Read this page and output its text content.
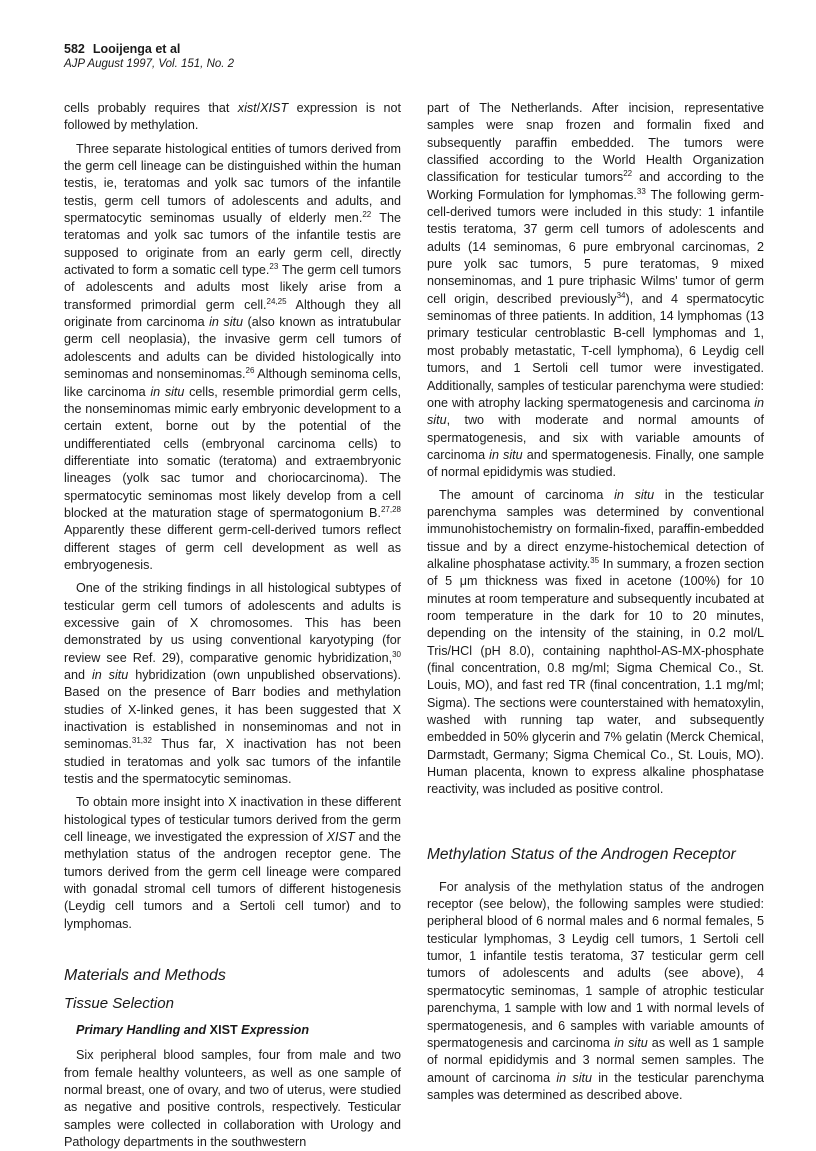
582 Looijenga et al
AJP August 1997, Vol. 151, No. 2

cells probably requires that xist/XIST expression is not followed by methylation.

Three separate histological entities of tumors derived from the germ cell lineage can be distinguished within the human testis, ie, teratomas and yolk sac tumors of the infantile testis, germ cell tumors of adolescents and adults, and spermatocytic seminomas usually of elderly men.$^{22}$ The teratomas and yolk sac tumors of the infantile testis are supposed to originate from an early germ cell, directly activated to form a somatic cell type.$^{23}$ The germ cell tumors of adolescents and adults most likely arise from a transformed primordial germ cell.$^{24,25}$ Although they all originate from carcinoma in situ (also known as intratubular germ cell neoplasia), the invasive germ cell tumors of adolescents and adults can be divided histologically into seminomas and nonseminomas.$^{26}$ Although seminoma cells, like carcinoma in situ cells, resemble primordial germ cells, the nonseminomas mimic early embryonic development to a certain extent, borne out by the potential of the undifferentiated cells (embryonal carcinoma cells) to differentiate into somatic (teratoma) and extraembryonic lineages (yolk sac tumor and choriocarcinoma). The spermatocytic seminomas most likely develop from a cell blocked at the maturation stage of spermatogonium B.$^{27,28}$ Apparently these different germ-cell-derived tumors reflect different stages of germ cell development as well as embryogenesis.

One of the striking findings in all histological subtypes of testicular germ cell tumors of adolescents and adults is excessive gain of X chromosomes. This has been demonstrated by us using conventional karyotyping (for review see Ref. 29), comparative genomic hybridization,$^{30}$ and in situ hybridization (own unpublished observations). Based on the presence of Barr bodies and methylation studies of X-linked genes, it has been suggested that X inactivation is established in nonseminomas and not in seminomas.$^{31,32}$ Thus far, X inactivation has not been studied in teratomas and yolk sac tumors of the infantile testis and the spermatocytic seminomas.

To obtain more insight into X inactivation in these different histological types of testicular tumors derived from the germ cell lineage, we investigated the expression of XIST and the methylation status of the androgen receptor gene. The tumors derived from the germ cell lineage were compared with gonadal stromal cell tumors of different histogenesis (Leydig cell tumors and a Sertoli cell tumor) and to lymphomas.

Materials and Methods
Tissue Selection
Primary Handling and XIST Expression

Six peripheral blood samples, four from male and two from female healthy volunteers, as well as one sample of normal breast, one of ovary, and two of uterus, were studied as negative and positive controls, respectively. Testicular samples were collected in collaboration with Urology and Pathology departments in the southwestern

part of The Netherlands. After incision, representative samples were snap frozen and formalin fixed and subsequently paraffin embedded. The tumors were classified according to the World Health Organization classification for testicular tumors$^{22}$ and according to the Working Formulation for lymphomas.$^{33}$ The following germ-cell-derived tumors were included in this study: 1 infantile testis teratoma, 37 germ cell tumors of adolescents and adults (14 seminomas, 6 pure embryonal carcinomas, 2 pure yolk sac tumors, 5 pure teratomas, 9 mixed nonseminomas, and 1 pure triphasic Wilms' tumor of germ cell origin, described previously$^{34}$), and 4 spermatocytic seminomas of three patients. In addition, 14 lymphomas (13 primary testicular centroblastic B-cell lymphomas and 1, most probably metastatic, T-cell lymphoma), 6 Leydig cell tumors, and 1 Sertoli cell tumor were investigated. Additionally, samples of testicular parenchyma were studied: one with atrophy lacking spermatogenesis and carcinoma in situ, two with moderate and normal amounts of spermatogenesis, and six with variable amounts of carcinoma in situ and spermatogenesis. Finally, one sample of normal epididymis was studied.

The amount of carcinoma in situ in the testicular parenchyma samples was determined by conventional immunohistochemistry on formalin-fixed, paraffin-embedded tissue and by a direct enzyme-histochemical detection of alkaline phosphatase activity.$^{35}$ In summary, a frozen section of 5 μm thickness was fixed in acetone (100%) for 10 minutes at room temperature and subsequently incubated at room temperature in the dark for 10 to 20 minutes, depending on the intensity of the staining, in 0.2 mol/L Tris/HCl (pH 8.0), containing naphthol-AS-MX-phosphate (final concentration, 0.8 mg/ml; Sigma Chemical Co., St. Louis, MO), and fast red TR (final concentration, 1.1 mg/ml; Sigma). The sections were counterstained with hematoxylin, washed with running tap water, and subsequently embedded in 50% glycerin and 7% gelatin (Merck Chemical, Darmstadt, Germany; Sigma Chemical Co., St. Louis, MO). Human placenta, known to express alkaline phosphatase reactivity, was included as positive control.

Methylation Status of the Androgen Receptor

For analysis of the methylation status of the androgen receptor (see below), the following samples were studied: peripheral blood of 6 normal males and 6 normal females, 5 testicular lymphomas, 3 Leydig cell tumors, 1 Sertoli cell tumor, 1 infantile testis teratoma, 37 testicular germ cell tumors of adolescents and adults (see above), 4 spermatocytic seminomas, 1 sample of atrophic testicular parenchyma, 1 sample with low and 1 with normal levels of spermatogenesis, and 6 samples with variable amounts of spermatogenesis and carcinoma in situ as well as 1 sample of normal epididymis and 3 normal semen samples. The amount of carcinoma in situ in the testicular parenchyma samples was determined as described above.
